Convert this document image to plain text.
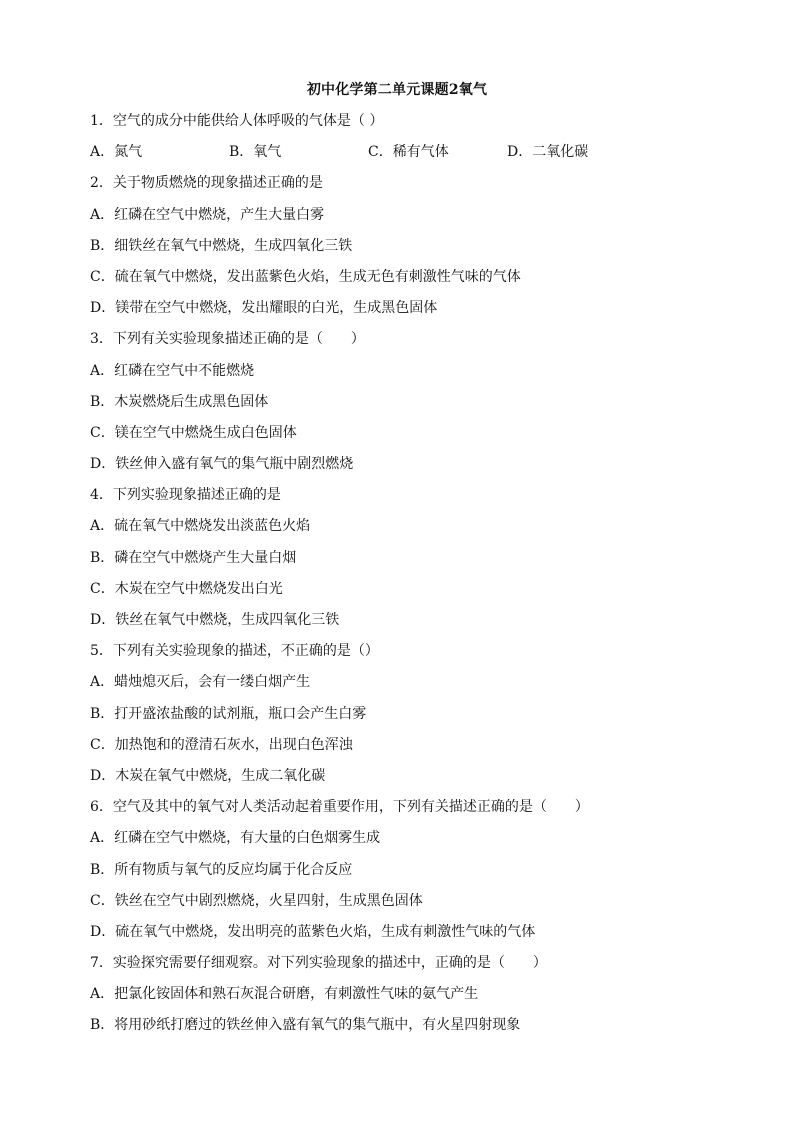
初中化学第二单元课题2氧气
1．空气的成分中能供给人体呼吸的气体是（ ）
A．氮气	B．氧气	C．稀有气体	D．二氧化碳
2．关于物质燃烧的现象描述正确的是
A．红磷在空气中燃烧，产生大量白雾
B．细铁丝在氧气中燃烧，生成四氧化三铁
C．硫在氧气中燃烧，发出蓝紫色火焰，生成无色有刺激性气味的气体
D．镁带在空气中燃烧，发出耀眼的白光，生成黑色固体
3．下列有关实验现象描述正确的是（　　）
A．红磷在空气中不能燃烧
B．木炭燃烧后生成黑色固体
C．镁在空气中燃烧生成白色固体
D．铁丝伸入盛有氧气的集气瓶中剧烈燃烧
4．下列实验现象描述正确的是
A．硫在氧气中燃烧发出淡蓝色火焰
B．磷在空气中燃烧产生大量白烟
C．木炭在空气中燃烧发出白光
D．铁丝在氧气中燃烧，生成四氧化三铁
5．下列有关实验现象的描述，不正确的是（）
A．蜡烛熄灭后，会有一缕白烟产生
B．打开盛浓盐酸的试剂瓶，瓶口会产生白雾
C．加热饱和的澄清石灰水，出现白色浑浊
D．木炭在氧气中燃烧，生成二氧化碳
6．空气及其中的氧气对人类活动起着重要作用，下列有关描述正确的是（　　）
A．红磷在空气中燃烧，有大量的白色烟雾生成
B．所有物质与氧气的反应均属于化合反应
C．铁丝在空气中剧烈燃烧，火星四射，生成黑色固体
D．硫在氧气中燃烧，发出明亮的蓝紫色火焰，生成有刺激性气味的气体
7．实验探究需要仔细观察。对下列实验现象的描述中，正确的是（　　）
A．把氯化铵固体和熟石灰混合研磨，有刺激性气味的氨气产生
B．将用砂纸打磨过的铁丝伸入盛有氧气的集气瓶中，有火星四射现象
